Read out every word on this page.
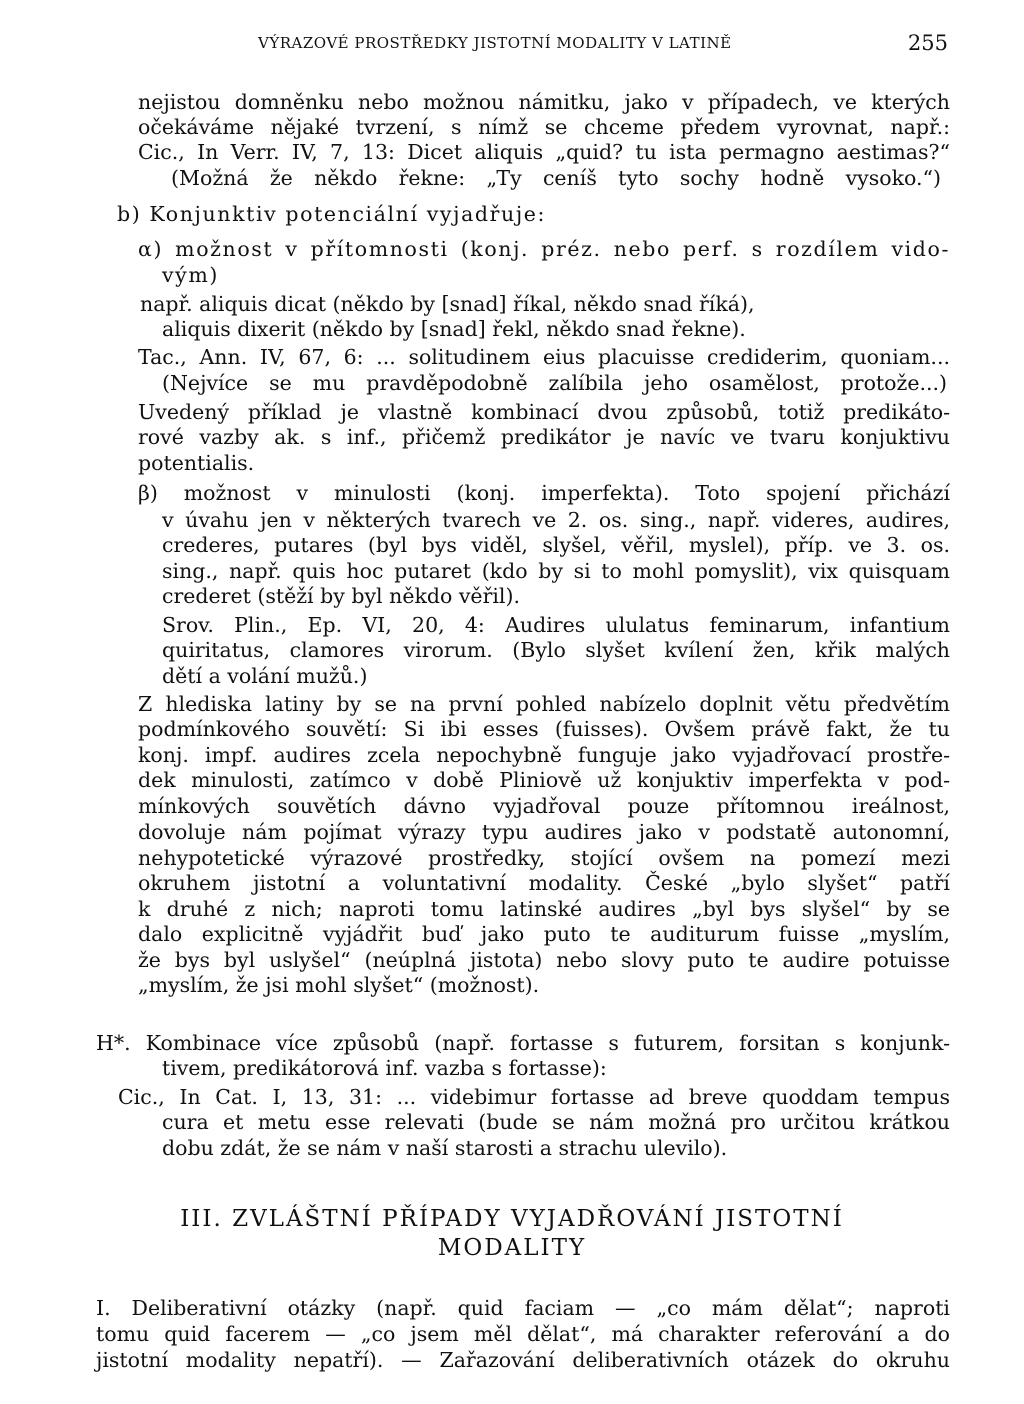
VÝRAZOVÉ PROSTŘEDKY JISTOTNÍ MODALITY V LATINĚ	255
nejistou domněnku nebo možnou námitku, jako v případech, ve kterých
očekáváme nějaké tvrzení, s nímž se chceme předem vyrovnat, např.:
Cic., In Verr. IV, 7, 13: Dicet aliquis „quid? tu ista permagno aestimas?“
(Možná že někdo řekne: „Ty ceníš tyto sochy hodně vysoko.“)
b) Konjunktiv potenciální vyjadřuje:
α) možnost v přítomnosti (konj. préz. nebo perf. s rozdílem vido-
vým)
např. aliquis dicat (někdo by [snad] říkal, někdo snad říká),
aliquis dixerit (někdo by [snad] řekl, někdo snad řekne).
Tac., Ann. IV, 67, 6: ... solitudinem eius placuisse crediderim, quoniam...
(Nejvíce se mu pravděpodobně zalíbila jeho osamělost, protože...)
Uvedený příklad je vlastně kombinací dvou způsobů, totiž predikáto-
rové vazby ak. s inf., přičemž predikátor je navíc ve tvaru konjuktivu
potentialis.
β) možnost v minulosti (konj. imperfekta). Toto spojení přichází
v úvahu jen v některých tvarech ve 2. os. sing., např. videres, audires,
crederes, putares (byl bys viděl, slyšel, věřil, myslel), příp. ve 3. os.
sing., např. quis hoc putaret (kdo by si to mohl pomyslit), vix quisquam
crederet (stěží by byl někdo věřil).
Srov. Plin., Ep. VI, 20, 4: Audires ululatus feminarum, infantium
quiritatus, clamores virorum. (Bylo slyšet kvílení žen, křik malých
dětí a volání mužů.)
Z hlediska latiny by se na první pohled nabízelo doplnit větu předvětím
podmínkového souvětí: Si ibi esses (fuisses). Ovšem právě fakt, že tu
konj. impf. audires zcela nepochybně funguje jako vyjadřovací prostře-
dek minulosti, zatímco v době Pliniově už konjuktiv imperfekta v pod-
mínkových souvětích dávno vyjadřoval pouze přítomnou ireálnost,
dovoluje nám pojímat výrazy typu audires jako v podstatě autonomní,
nehypotetické výrazové prostředky, stojící ovšem na pomezí mezi
okruhem jistotní a voluntativní modality. České „bylo slyšet“ patří
k druhé z nich; naproti tomu latinské audires „byl bys slyšel“ by se
dalo explicitně vyjádřit buď jako puto te auditurum fuisse „myslím,
že bys byl uslyšel“ (neúplná jistota) nebo slovy puto te audire potuisse
„myslím, že jsi mohl slyšet“ (možnost).
H*. Kombinace více způsobů (např. fortasse s futurem, forsitan s konjunk-
tivem, predikátorová inf. vazba s fortasse):
Cic., In Cat. I, 13, 31: ... videbimur fortasse ad breve quoddam tempus
cura et metu esse relevati (bude se nám možná pro určitou krátkou
dobu zdát, že se nám v naší starosti a strachu ulevilo).
III. ZVLÁŠTNÍ PŘÍPADY VYJADŘOVÁNÍ JISTOTNÍ
MODALITY
I. Deliberativní otázky (např. quid faciam — „co mám dělat“; naproti
tomu quid facerem — „co jsem měl dělat“, má charakter referování a do
jistotní modality nepatří). — Zařazování deliberativních otázek do okruhu
